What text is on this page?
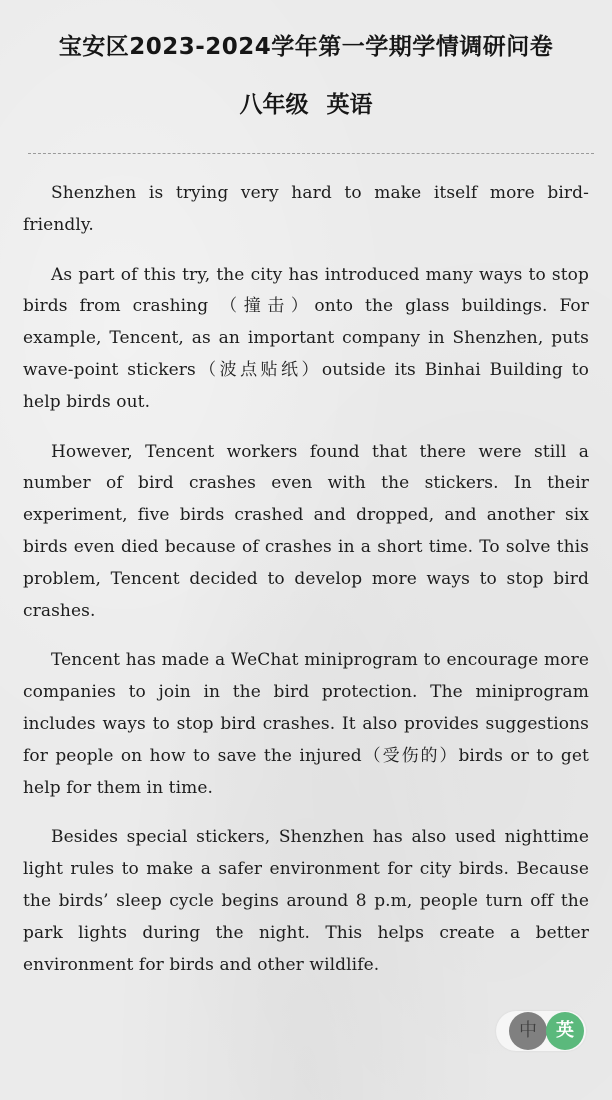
宝安区2023-2024学年第一学期学情调研问卷
八年级 英语

Shenzhen is trying very hard to make itself more bird-friendly.

As part of this try, the city has introduced many ways to stop birds from crashing （撞击）onto the glass buildings. For example, Tencent, as an important company in Shenzhen, puts wave-point stickers（波点贴纸）outside its Binhai Building to help birds out.

However, Tencent workers found that there were still a number of bird crashes even with the stickers. In their experiment, five birds crashed and dropped, and another six birds even died because of crashes in a short time. To solve this problem, Tencent decided to develop more ways to stop bird crashes.

Tencent has made a WeChat miniprogram to encourage more companies to join in the bird protection. The miniprogram includes ways to stop bird crashes. It also provides suggestions for people on how to save the injured（受伤的）birds or to get help for them in time.

Besides special stickers, Shenzhen has also used nighttime light rules to make a safer environment for city birds. Because the birds’ sleep cycle begins around 8 p.m, people turn off the park lights during the night. This helps create a better environment for birds and other wildlife.

中	英
